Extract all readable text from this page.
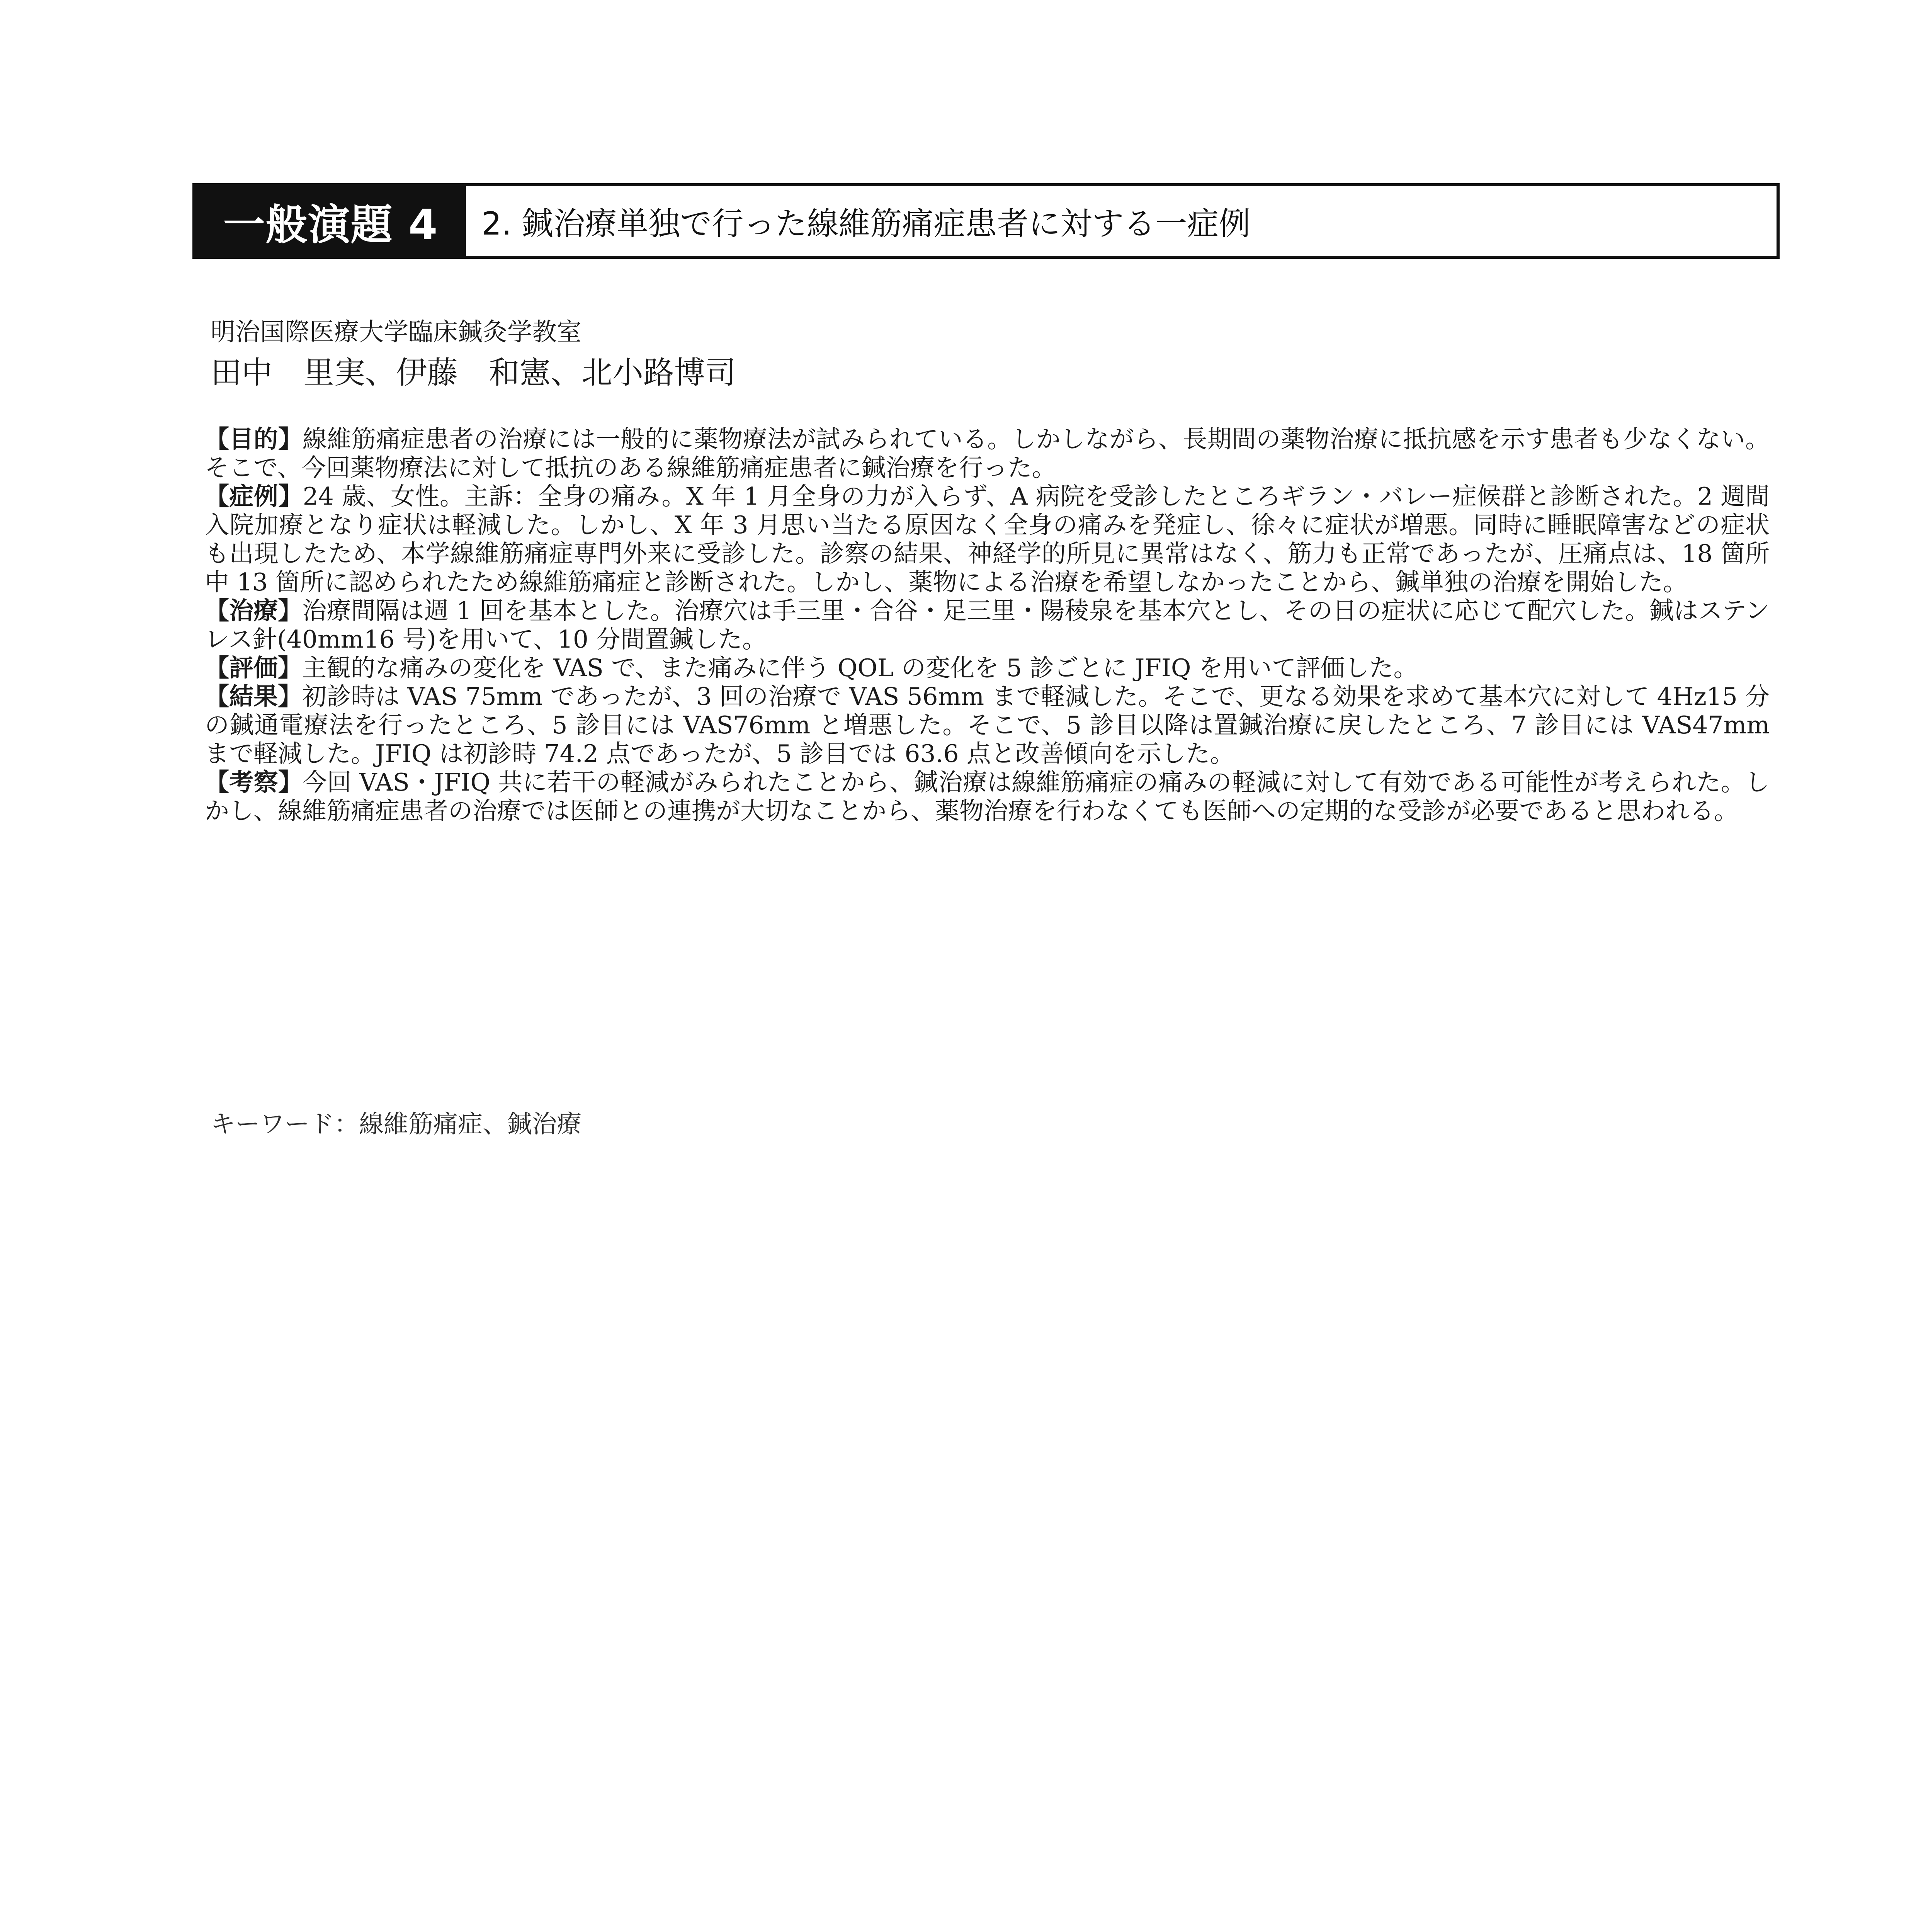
一般演題 4	2. 鍼治療単独で行った線維筋痛症患者に対する一症例
明治国際医療大学臨床鍼灸学教室
田中　里実、伊藤　和憲、北小路博司

【目的】線維筋痛症患者の治療には一般的に薬物療法が試みられている。しかしながら、長期間の薬物治療に抵抗感を示す患者も少なくない。そこで、今回薬物療法に対して抵抗のある線維筋痛症患者に鍼治療を行った。

【症例】24 歳、女性。主訴：全身の痛み。X 年 1 月全身の力が入らず、A 病院を受診したところギラン・バレー症候群と診断された。2 週間入院加療となり症状は軽減した。しかし、X 年 3 月思い当たる原因なく全身の痛みを発症し、徐々に症状が増悪。同時に睡眠障害などの症状も出現したため、本学線維筋痛症専門外来に受診した。診察の結果、神経学的所見に異常はなく、筋力も正常であったが、圧痛点は、18 箇所中 13 箇所に認められたため線維筋痛症と診断された。しかし、薬物による治療を希望しなかったことから、鍼単独の治療を開始した。

【治療】治療間隔は週 1 回を基本とした。治療穴は手三里・合谷・足三里・陽稜泉を基本穴とし、その日の症状に応じて配穴した。鍼はステンレス針(40mm16 号)を用いて、10 分間置鍼した。

【評価】主観的な痛みの変化を VAS で、また痛みに伴う QOL の変化を 5 診ごとに JFIQ を用いて評価した。

【結果】初診時は VAS 75mm であったが、3 回の治療で VAS 56mm まで軽減した。そこで、更なる効果を求めて基本穴に対して 4Hz15 分の鍼通電療法を行ったところ、5 診目には VAS76mm と増悪した。そこで、5 診目以降は置鍼治療に戻したところ、7 診目には VAS47mm まで軽減した。JFIQ は初診時 74.2 点であったが、5 診目では 63.6 点と改善傾向を示した。

【考察】今回 VAS・JFIQ 共に若干の軽減がみられたことから、鍼治療は線維筋痛症の痛みの軽減に対して有効である可能性が考えられた。しかし、線維筋痛症患者の治療では医師との連携が大切なことから、薬物治療を行わなくても医師への定期的な受診が必要であると思われる。

キーワード：線維筋痛症、鍼治療
